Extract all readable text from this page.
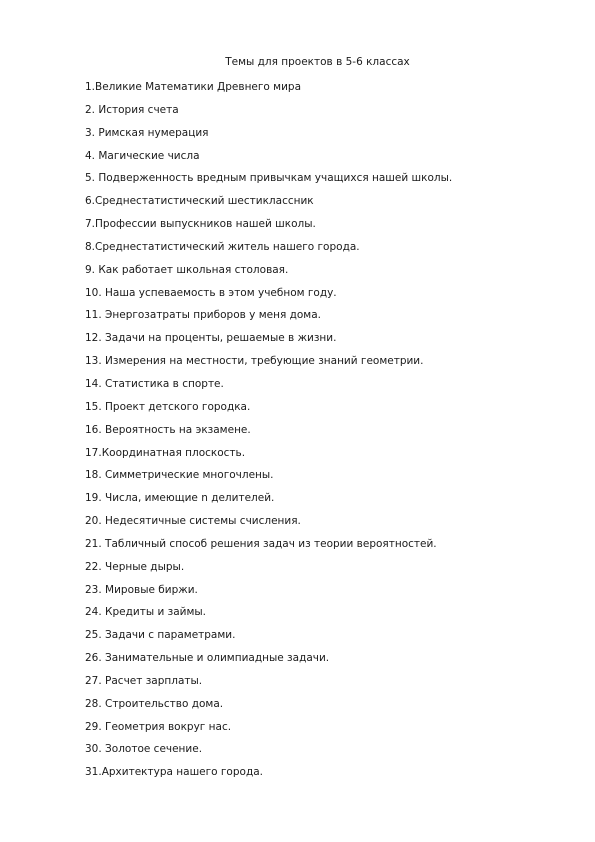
Темы для проектов в 5-6 классах
1.Великие Математики Древнего мира
2. История счета
3. Римская нумерация
4. Магические числа
5. Подверженность вредным привычкам учащихся нашей школы.
6.Среднестатистический шестиклассник
7.Профессии выпускников нашей школы.
8.Среднестатистический житель нашего города.
9. Как работает школьная столовая.
10. Наша успеваемость в этом учебном году.
11. Энергозатраты приборов у меня дома.
12. Задачи на проценты, решаемые в жизни.
13. Измерения на местности, требующие знаний геометрии.
14. Статистика в спорте.
15. Проект детского городка.
16. Вероятность на экзамене.
17.Координатная плоскость.
18. Симметрические многочлены.
19. Числа, имеющие n делителей.
20. Недесятичные системы счисления.
21. Табличный способ решения задач из теории вероятностей.
22. Черные дыры.
23. Мировые биржи.
24. Кредиты и займы.
25. Задачи с параметрами.
26. Занимательные и олимпиадные задачи.
27. Расчет зарплаты.
28. Строительство дома.
29. Геометрия вокруг нас.
30. Золотое сечение.
31.Архитектура нашего города.
